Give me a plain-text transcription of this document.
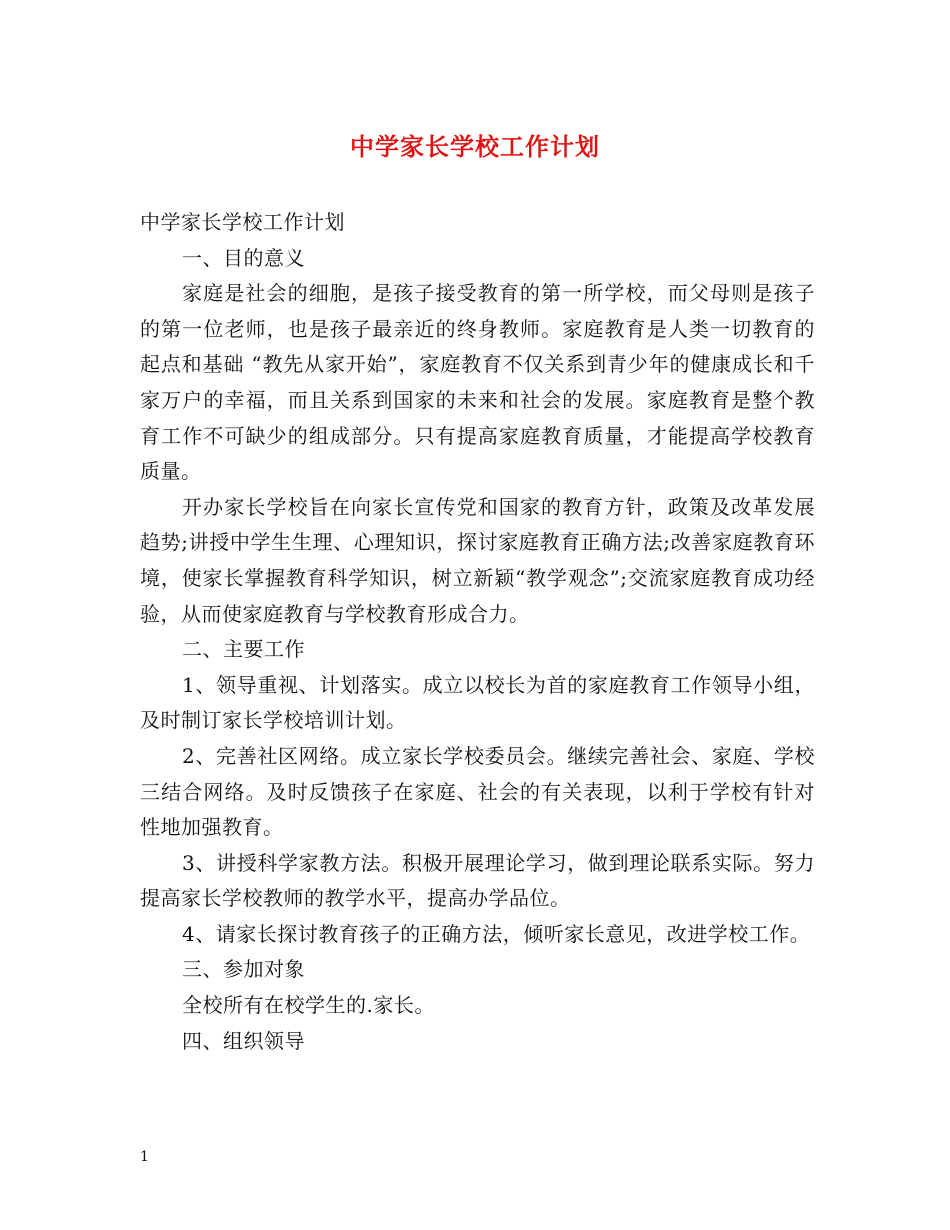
中学家长学校工作计划

中学家长学校工作计划

一、目的意义

家庭是社会的细胞，是孩子接受教育的第一所学校，而父母则是孩子的第一位老师，也是孩子最亲近的终身教师。家庭教育是人类一切教育的起点和基础 “教先从家开始”，家庭教育不仅关系到青少年的健康成长和千家万户的幸福，而且关系到国家的未来和社会的发展。家庭教育是整个教育工作不可缺少的组成部分。只有提高家庭教育质量，才能提高学校教育质量。

开办家长学校旨在向家长宣传党和国家的教育方针，政策及改革发展趋势;讲授中学生生理、心理知识，探讨家庭教育正确方法;改善家庭教育环境，使家长掌握教育科学知识，树立新颖“教学观念”;交流家庭教育成功经验，从而使家庭教育与学校教育形成合力。

二、主要工作

1、领导重视、计划落实。成立以校长为首的家庭教育工作领导小组，及时制订家长学校培训计划。

2、完善社区网络。成立家长学校委员会。继续完善社会、家庭、学校三结合网络。及时反馈孩子在家庭、社会的有关表现，以利于学校有针对性地加强教育。

3、讲授科学家教方法。积极开展理论学习，做到理论联系实际。努力提高家长学校教师的教学水平，提高办学品位。

4、请家长探讨教育孩子的正确方法，倾听家长意见，改进学校工作。

三、参加对象

全校所有在校学生的.家长。

四、组织领导

1
